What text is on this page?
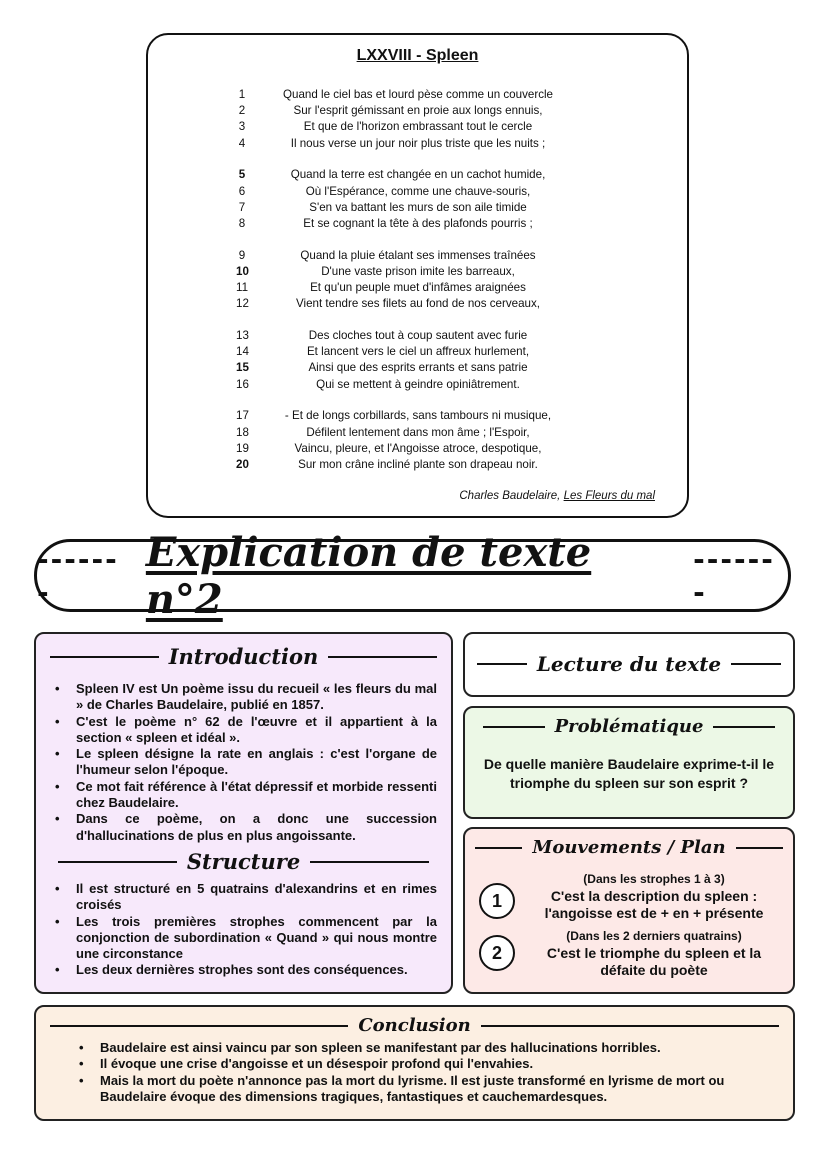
LXXVIII - Spleen
1	Quand le ciel bas et lourd pèse comme un couvercle
2	Sur l'esprit gémissant en proie aux longs ennuis,
3	Et que de l'horizon embrassant tout le cercle
4	Il nous verse un jour noir plus triste que les nuits ;
5	Quand la terre est changée en un cachot humide,
6	Où l'Espérance, comme une chauve-souris,
7	S'en va battant les murs de son aile timide
8	Et se cognant la tête à des plafonds pourris ;
9	Quand la pluie étalant ses immenses traînées
10	D'une vaste prison imite les barreaux,
11	Et qu'un peuple muet d'infâmes araignées
12	Vient tendre ses filets au fond de nos cerveaux,
13	Des cloches tout à coup sautent avec furie
14	Et lancent vers le ciel un affreux hurlement,
15	Ainsi que des esprits errants et sans patrie
16	Qui se mettent à geindre opiniâtrement.
17	- Et de longs corbillards, sans tambours ni musique,
18	Défilent lentement dans mon âme ; l'Espoir,
19	Vaincu, pleure, et l'Angoisse atroce, despotique,
20	Sur mon crâne incliné plante son drapeau noir.
Charles Baudelaire, Les Fleurs du mal
-------
Explication de texte n°2
-------
Introduction
• Spleen IV est Un poème issu du recueil « les fleurs du mal » de Charles Baudelaire, publié en 1857.
• C'est le poème n° 62 de l'œuvre et il appartient à la section « spleen et idéal ».
• Le spleen désigne la rate en anglais : c'est l'organe de l'humeur selon l'époque.
• Ce mot fait référence à l'état dépressif et morbide ressenti chez Baudelaire.
• Dans ce poème, on a donc une succession d'hallucinations de plus en plus angoissante.
Structure
• Il est structuré en 5 quatrains d'alexandrins et en rimes croisés
• Les trois premières strophes commencent par la conjonction de subordination « Quand » qui nous montre une circonstance
• Les deux dernières strophes sont des conséquences.
Lecture du texte
Problématique
De quelle manière Baudelaire exprime-t-il le triomphe du spleen sur son esprit ?
Mouvements / Plan
1
(Dans les strophes 1 à 3)
C'est la description du spleen : l'angoisse est de + en + présente
2
(Dans les 2 derniers quatrains)
C'est le triomphe du spleen et la défaite du poète
Conclusion
• Baudelaire est ainsi vaincu par son spleen se manifestant par des hallucinations horribles.
• Il évoque une crise d'angoisse et un désespoir profond qui l'envahies.
• Mais la mort du poète n'annonce pas la mort du lyrisme. Il est juste transformé en lyrisme de mort ou Baudelaire évoque des dimensions tragiques, fantastiques et cauchemardesques.
